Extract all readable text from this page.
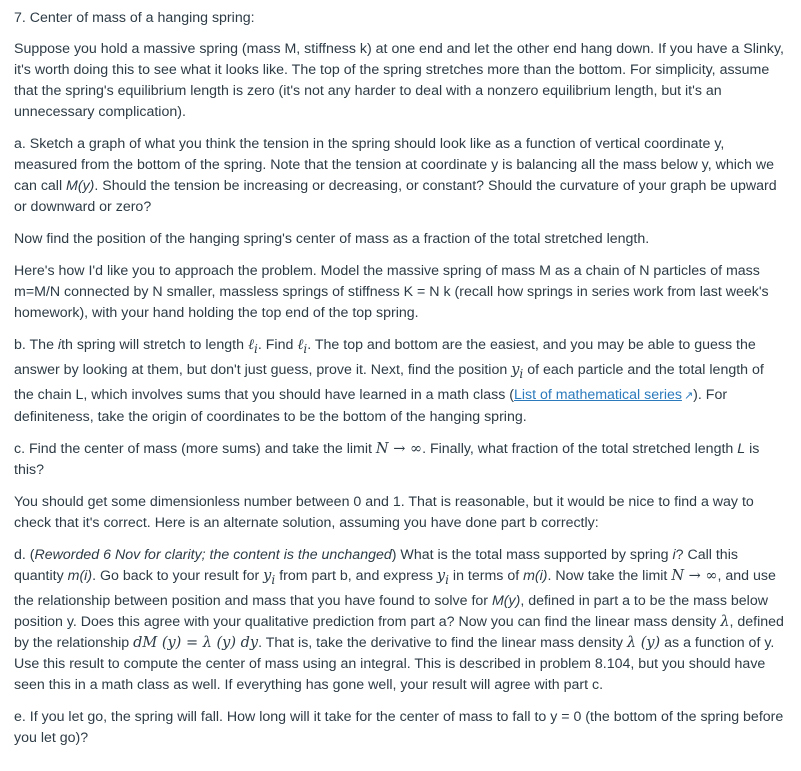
7. Center of mass of a hanging spring:

Suppose you hold a massive spring (mass M, stiffness k) at one end and let the other end hang down. If you have a Slinky, it's worth doing this to see what it looks like. The top of the spring stretches more than the bottom. For simplicity, assume that the spring's equilibrium length is zero (it's not any harder to deal with a nonzero equilibrium length, but it's an unnecessary complication).

a. Sketch a graph of what you think the tension in the spring should look like as a function of vertical coordinate y, measured from the bottom of the spring. Note that the tension at coordinate y is balancing all the mass below y, which we can call M(y). Should the tension be increasing or decreasing, or constant? Should the curvature of your graph be upward or downward or zero?

Now find the position of the hanging spring's center of mass as a fraction of the total stretched length.

Here's how I'd like you to approach the problem. Model the massive spring of mass M as a chain of N particles of mass m=M/N connected by N smaller, massless springs of stiffness K = N k (recall how springs in series work from last week's homework), with your hand holding the top end of the top spring.

b. The ith spring will stretch to length ℓ$_i$. Find ℓ$_i$. The top and bottom are the easiest, and you may be able to guess the answer by looking at them, but don't just guess, prove it. Next, find the position $y_i$ of each particle and the total length of the chain L, which involves sums that you should have learned in a math class (List of mathematical series ↗). For definiteness, take the origin of coordinates to be the bottom of the hanging spring.

c. Find the center of mass (more sums) and take the limit N → ∞. Finally, what fraction of the total stretched length L is this?

You should get some dimensionless number between 0 and 1. That is reasonable, but it would be nice to find a way to check that it's correct. Here is an alternate solution, assuming you have done part b correctly:

d. (Reworded 6 Nov for clarity; the content is the unchanged) What is the total mass supported by spring i? Call this quantity m(i). Go back to your result for $y_i$ from part b, and express $y_i$ in terms of m(i). Now take the limit N → ∞, and use the relationship between position and mass that you have found to solve for M(y), defined in part a to be the mass below position y. Does this agree with your qualitative prediction from part a? Now you can find the linear mass density λ, defined by the relationship dM (y) = λ (y) dy. That is, take the derivative to find the linear mass density λ (y) as a function of y. Use this result to compute the center of mass using an integral. This is described in problem 8.104, but you should have seen this in a math class as well. If everything has gone well, your result will agree with part c.

e. If you let go, the spring will fall. How long will it take for the center of mass to fall to y = 0 (the bottom of the spring before you let go)?
